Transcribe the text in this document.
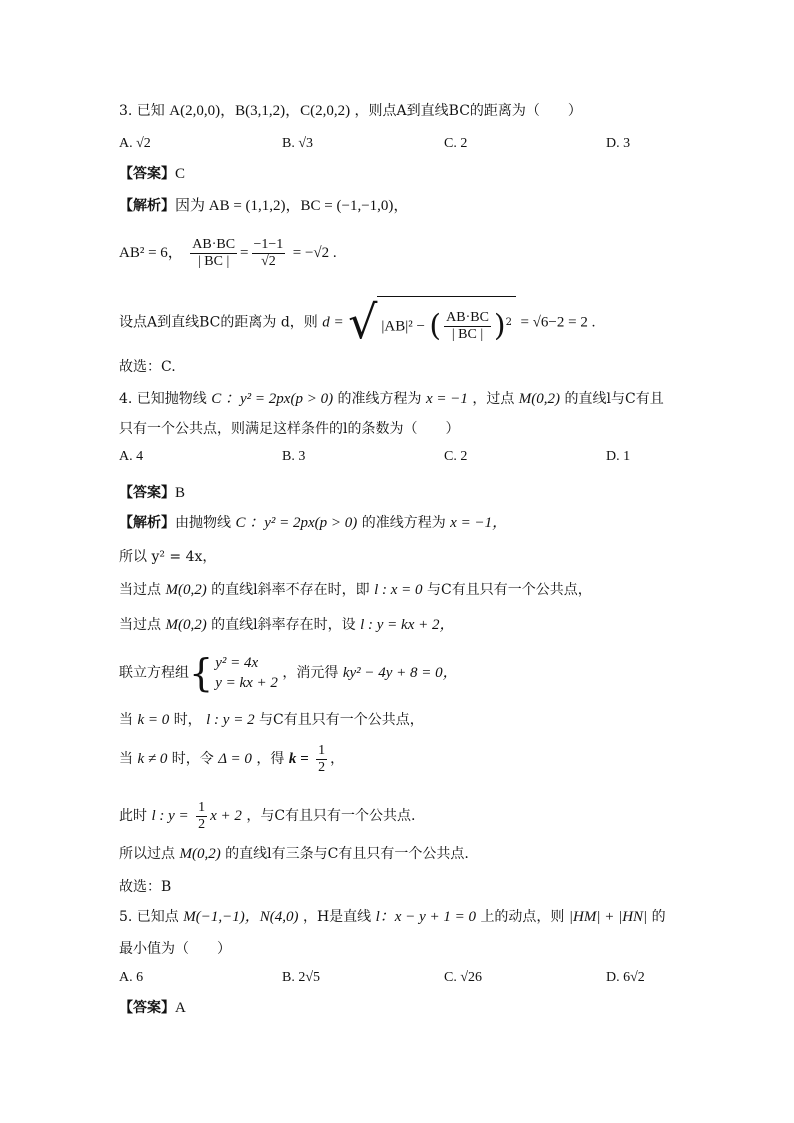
3. 已知 A(2,0,0)，B(3,1,2)，C(2,0,2) ，则点A到直线BC的距离为（　　）
A. √2	B. √3	C. 2	D. 3
【答案】C
【解析】因为 AB = (1,1,2)，BC = (−1,−1,0)，
AB² = 6， $\frac{AB\cdot BC}{| BC |} = \frac{-1-1}{√2} = -√2$ .
设点A到直线BC的距离为 d，则 d = √ |AB|² − ( $\frac{AB\cdot BC}{| BC |} )^2 = √6-2 = 2$ .
故选：C.
4. 已知抛物线 C ：y² = 2px(p > 0) 的准线方程为 x = −1 ，过点 M(0,2) 的直线l与C有且
只有一个公共点，则满足这样条件的l的条数为（　　）
A. 4	B. 3	C. 2	D. 1
【答案】B
【解析】由抛物线 C ：y² = 2px(p > 0) 的准线方程为 x = −1，
所以 y² = 4x，
当过点 M(0,2) 的直线l斜率不存在时，即 l : x = 0 与C有且只有一个公共点，
当过点 M(0,2) 的直线l斜率存在时，设 l : y = kx + 2，
联立方程组{ y² = 4x
y = kx + 2
，消元得 ky² − 4y + 8 = 0，
当 k = 0 时， l : y = 2 与C有且只有一个公共点，
当 k ≠ 0 时，令 Δ = 0 ，得 $k = \frac{1}{2}$ ，
此时 l : $y = \frac{1}{2}$ x + 2 ，与C有且只有一个公共点.
所以过点 M(0,2) 的直线l有三条与C有且只有一个公共点.
故选：B
5. 已知点 M(−1,−1)，N(4,0) ，H是直线 l：x − y + 1 = 0 上的动点，则 |HM| + |HN| 的
最小值为（　　）
A. 6	B. 2√5	C. √26	D. 6√2
【答案】A
